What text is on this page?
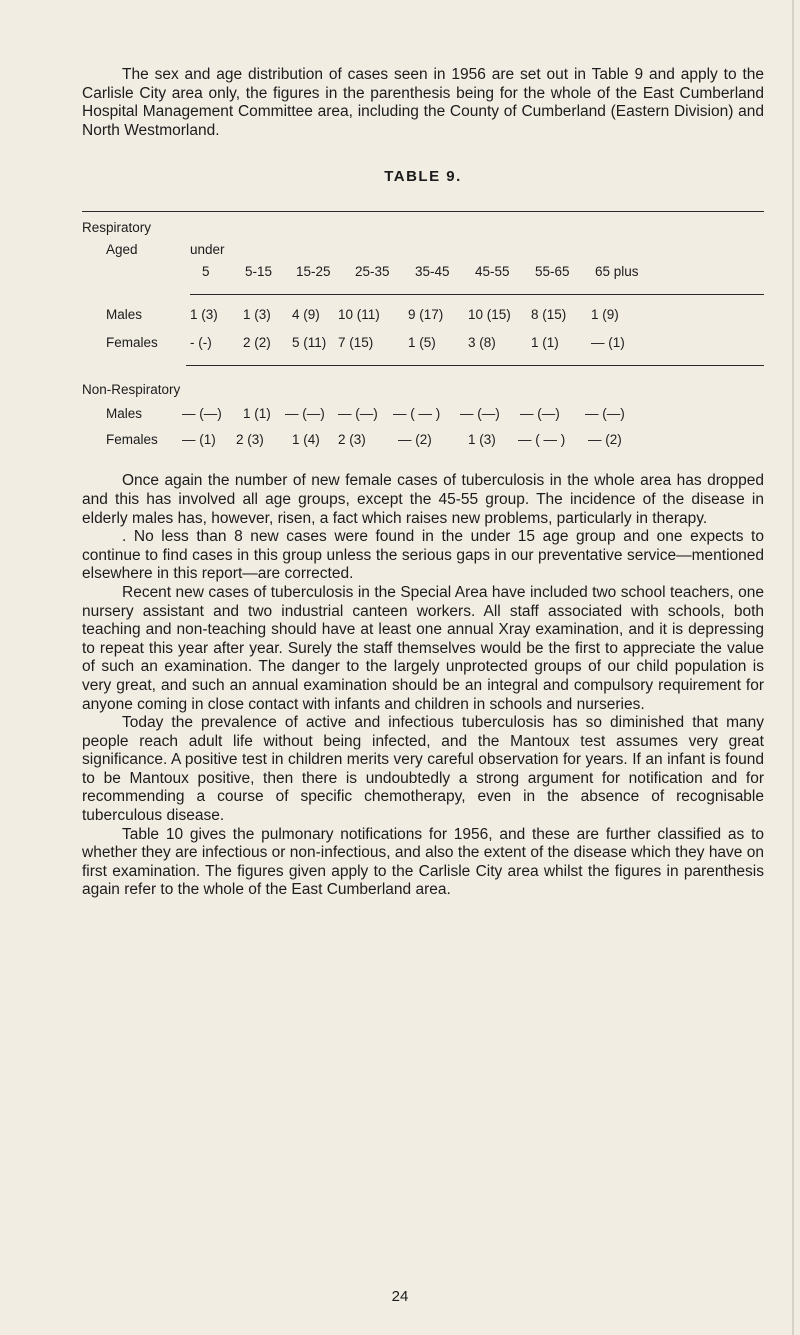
The sex and age distribution of cases seen in 1956 are set out in Table 9 and apply to the Carlisle City area only, the figures in the parenthesis being for the whole of the East Cumberland Hospital Management Committee area, including the County of Cumberland (Eastern Division) and North Westmorland.

TABLE 9.
Respiratory
Aged	under
5	5-15 15-25 25-35 35-45 45-55 55-65 65 plus
Males	1 (3) 1 (3) 4 (9) 10 (11) 9 (17) 10 (15) 8 (15) 1 (9)
Females - (-) 2 (2) 5 (11) 7 (15)	1 (5) 3 (8)	1 (1) — (1)
Non-Respiratory
Males	— (—) 1 (1) — (—) — (—) — ( — ) — (—) — (—) — (—)
Females — (1) 2 (3) 1 (4) 2 (3) — (2)	1 (3) — ( — ) — (2)

Once again the number of new female cases of tuberculosis in the whole area has dropped and this has involved all age groups, except the 45-55 group. The incidence of the disease in elderly males has, however, risen, a fact which raises new problems, particularly in therapy.

. No less than 8 new cases were found in the under 15 age group and one expects to continue to find cases in this group unless the serious gaps in our preventative service—mentioned elsewhere in this report—are corrected.

Recent new cases of tuberculosis in the Special Area have included two school teachers, one nursery assistant and two industrial canteen workers. All staff associated with schools, both teaching and non-teaching should have at least one annual Xray examination, and it is depressing to repeat this year after year. Surely the staff themselves would be the first to appreciate the value of such an examination. The danger to the largely unprotected groups of our child population is very great, and such an annual examination should be an integral and compulsory requirement for anyone coming in close contact with infants and children in schools and nurseries.

Today the prevalence of active and infectious tuberculosis has so diminished that many people reach adult life without being infected, and the Mantoux test assumes very great significance. A positive test in children merits very careful observation for years. If an infant is found to be Mantoux positive, then there is undoubtedly a strong argument for notification and for recommending a course of specific chemotherapy, even in the absence of recognisable tuberculous disease.

Table 10 gives the pulmonary notifications for 1956, and these are further classified as to whether they are infectious or non-infectious, and also the extent of the disease which they have on first examination. The figures given apply to the Carlisle City area whilst the figures in parenthesis again refer to the whole of the East Cumberland area.

24
